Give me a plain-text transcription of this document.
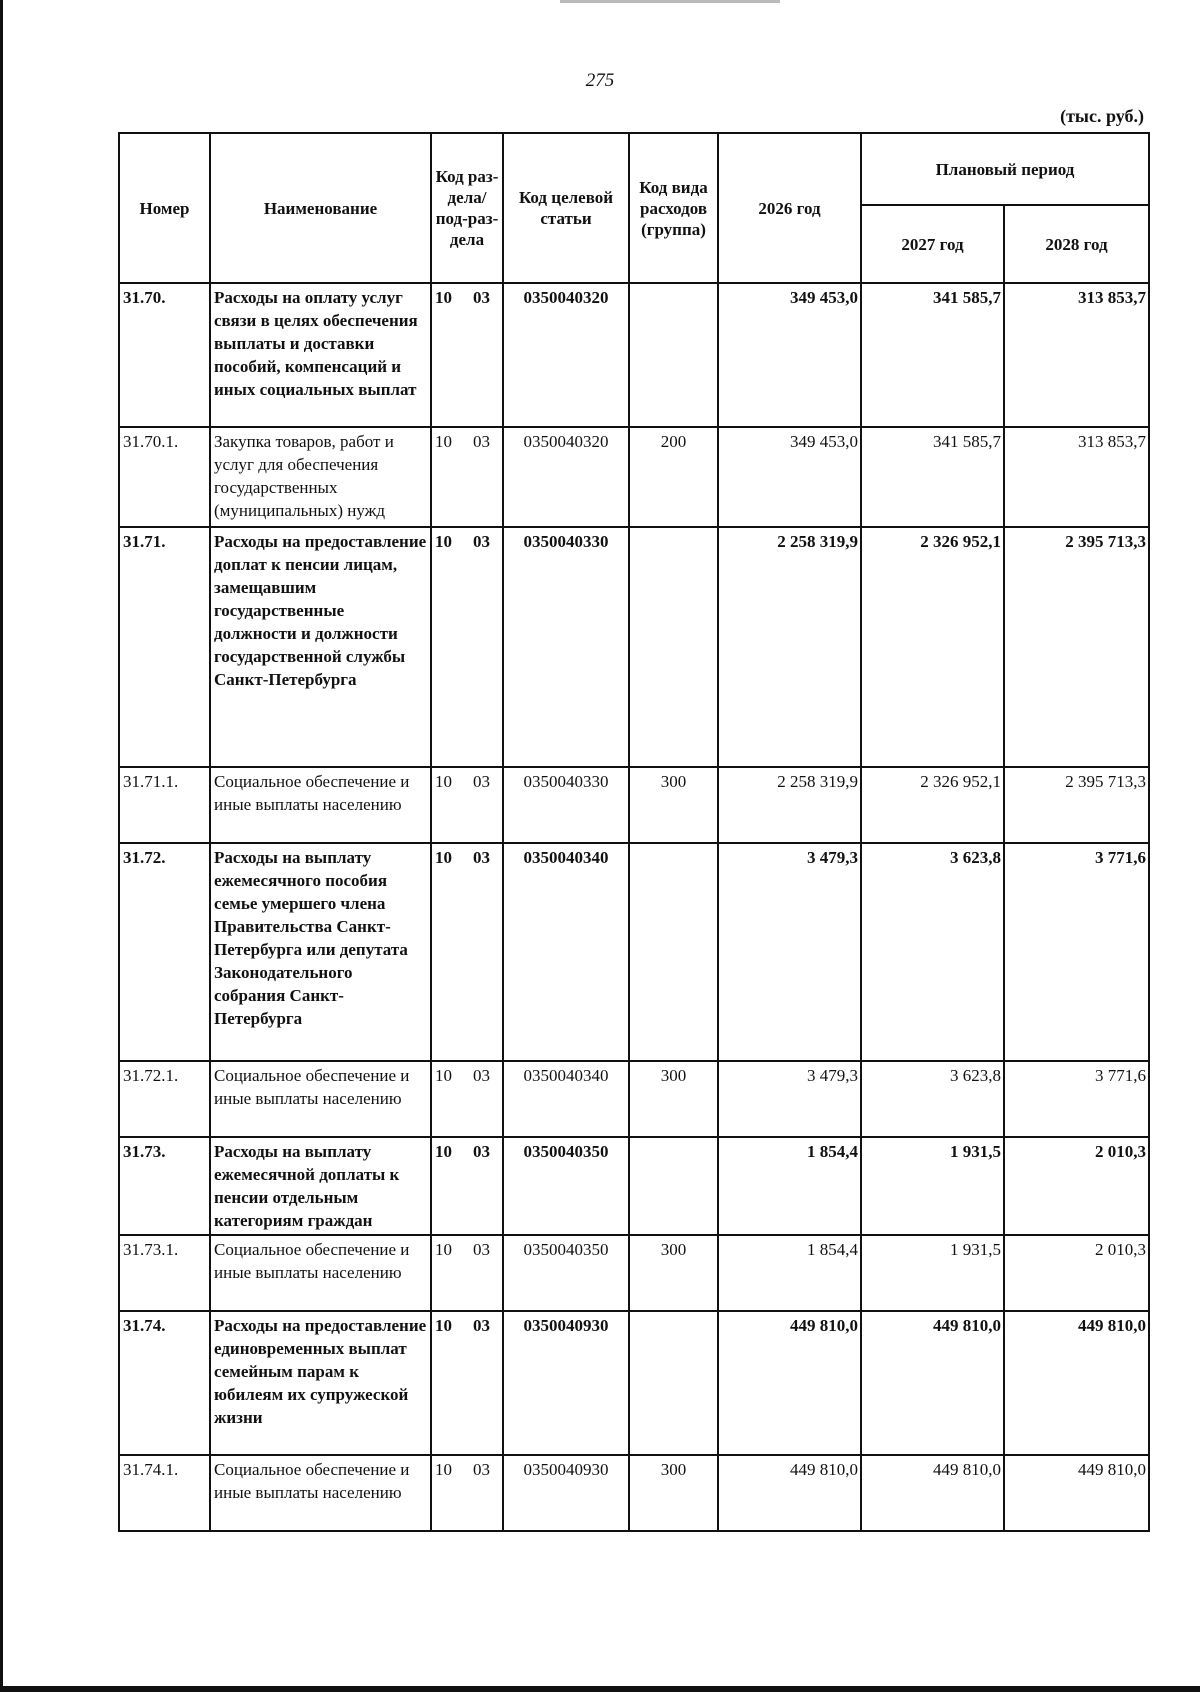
275
(тыс. руб.)
Номер	Наименование	Код раз-дела/ под-раз-дела	Код целевой статьи	Код вида расходов (группа)	2026 год	Плановый период	
						2027 год	2028 год
31.70.	Расходы на оплату услуг связи в целях обеспечения выплаты и доставки пособий, компенсаций и иных социальных выплат	10 03	0350040320		349 453,0	341 585,7	313 853,7
31.70.1.	Закупка товаров, работ и услуг для обеспечения государственных (муниципальных) нужд	10 03	0350040320	200	349 453,0	341 585,7	313 853,7
31.71.	Расходы на предоставление доплат к пенсии лицам, замещавшим государственные должности и должности государственной службы Санкт-Петербурга	10 03	0350040330		2 258 319,9	2 326 952,1	2 395 713,3
31.71.1.	Социальное обеспечение и иные выплаты населению	10 03	0350040330	300	2 258 319,9	2 326 952,1	2 395 713,3
31.72.	Расходы на выплату ежемесячного пособия семье умершего члена Правительства Санкт-Петербурга или депутата Законодательного собрания Санкт-Петербурга	10 03	0350040340		3 479,3	3 623,8	3 771,6
31.72.1.	Социальное обеспечение и иные выплаты населению	10 03	0350040340	300	3 479,3	3 623,8	3 771,6
31.73.	Расходы на выплату ежемесячной доплаты к пенсии отдельным категориям граждан	10 03	0350040350		1 854,4	1 931,5	2 010,3
31.73.1.	Социальное обеспечение и иные выплаты населению	10 03	0350040350	300	1 854,4	1 931,5	2 010,3
31.74.	Расходы на предоставление единовременных выплат семейным парам к юбилеям их супружеской жизни	10 03	0350040930		449 810,0	449 810,0	449 810,0
31.74.1.	Социальное обеспечение и иные выплаты населению	10 03	0350040930	300	449 810,0	449 810,0	449 810,0
